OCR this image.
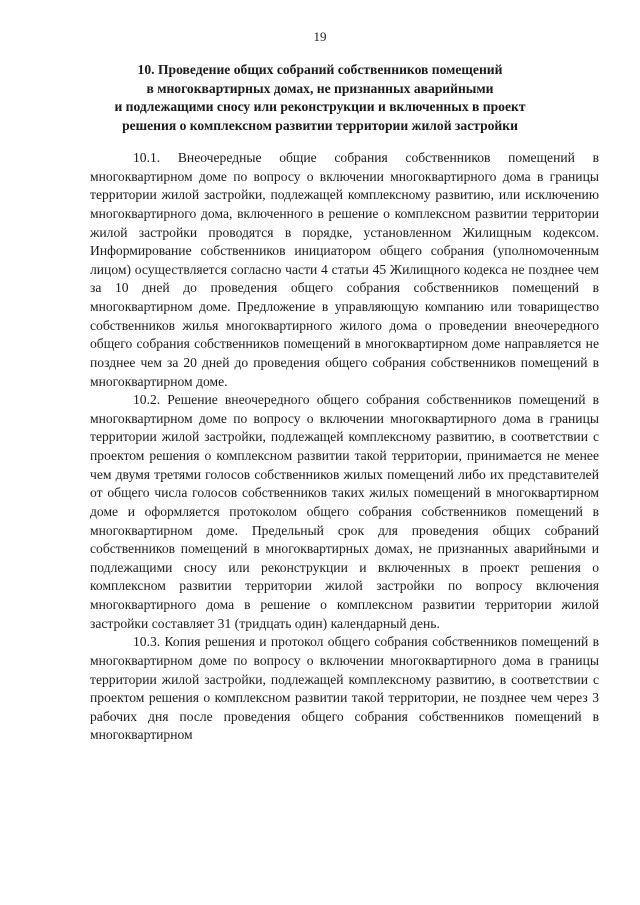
19
10. Проведение общих собраний собственников помещений
в многоквартирных домах, не признанных аварийными
и подлежащими сносу или реконструкции и включенных в проект
решения о комплексном развитии территории жилой застройки

10.1. Внеочередные общие собрания собственников помещений в многоквартирном доме по вопросу о включении многоквартирного дома в границы территории жилой застройки, подлежащей комплексному развитию, или исключению многоквартирного дома, включенного в решение о комплексном развитии территории жилой застройки проводятся в порядке, установленном Жилищным кодексом. Информирование собственников инициатором общего собрания (уполномоченным лицом) осуществляется согласно части 4 статьи 45 Жилищного кодекса не позднее чем за 10 дней до проведения общего собрания собственников помещений в многоквартирном доме. Предложение в управляющую компанию или товарищество собственников жилья многоквартирного жилого дома о проведении внеочередного общего собрания собственников помещений в многоквартирном доме направляется не позднее чем за 20 дней до проведения общего собрания собственников помещений в многоквартирном доме.

10.2. Решение внеочередного общего собрания собственников помещений в многоквартирном доме по вопросу о включении многоквартирного дома в границы территории жилой застройки, подлежащей комплексному развитию, в соответствии с проектом решения о комплексном развитии такой территории, принимается не менее чем двумя третями голосов собственников жилых помещений либо их представителей от общего числа голосов собственников таких жилых помещений в многоквартирном доме и оформляется протоколом общего собрания собственников помещений в многоквартирном доме. Предельный срок для проведения общих собраний собственников помещений в многоквартирных домах, не признанных аварийными и подлежащими сносу или реконструкции и включенных в проект решения о комплексном развитии территории жилой застройки по вопросу включения многоквартирного дома в решение о комплексном развитии территории жилой застройки составляет 31 (тридцать один) календарный день.

10.3. Копия решения и протокол общего собрания собственников помещений в многоквартирном доме по вопросу о включении многоквартирного дома в границы территории жилой застройки, подлежащей комплексному развитию, в соответствии с проектом решения о комплексном развитии такой территории, не позднее чем через 3 рабочих дня после проведения общего собрания собственников помещений в многоквартирном
